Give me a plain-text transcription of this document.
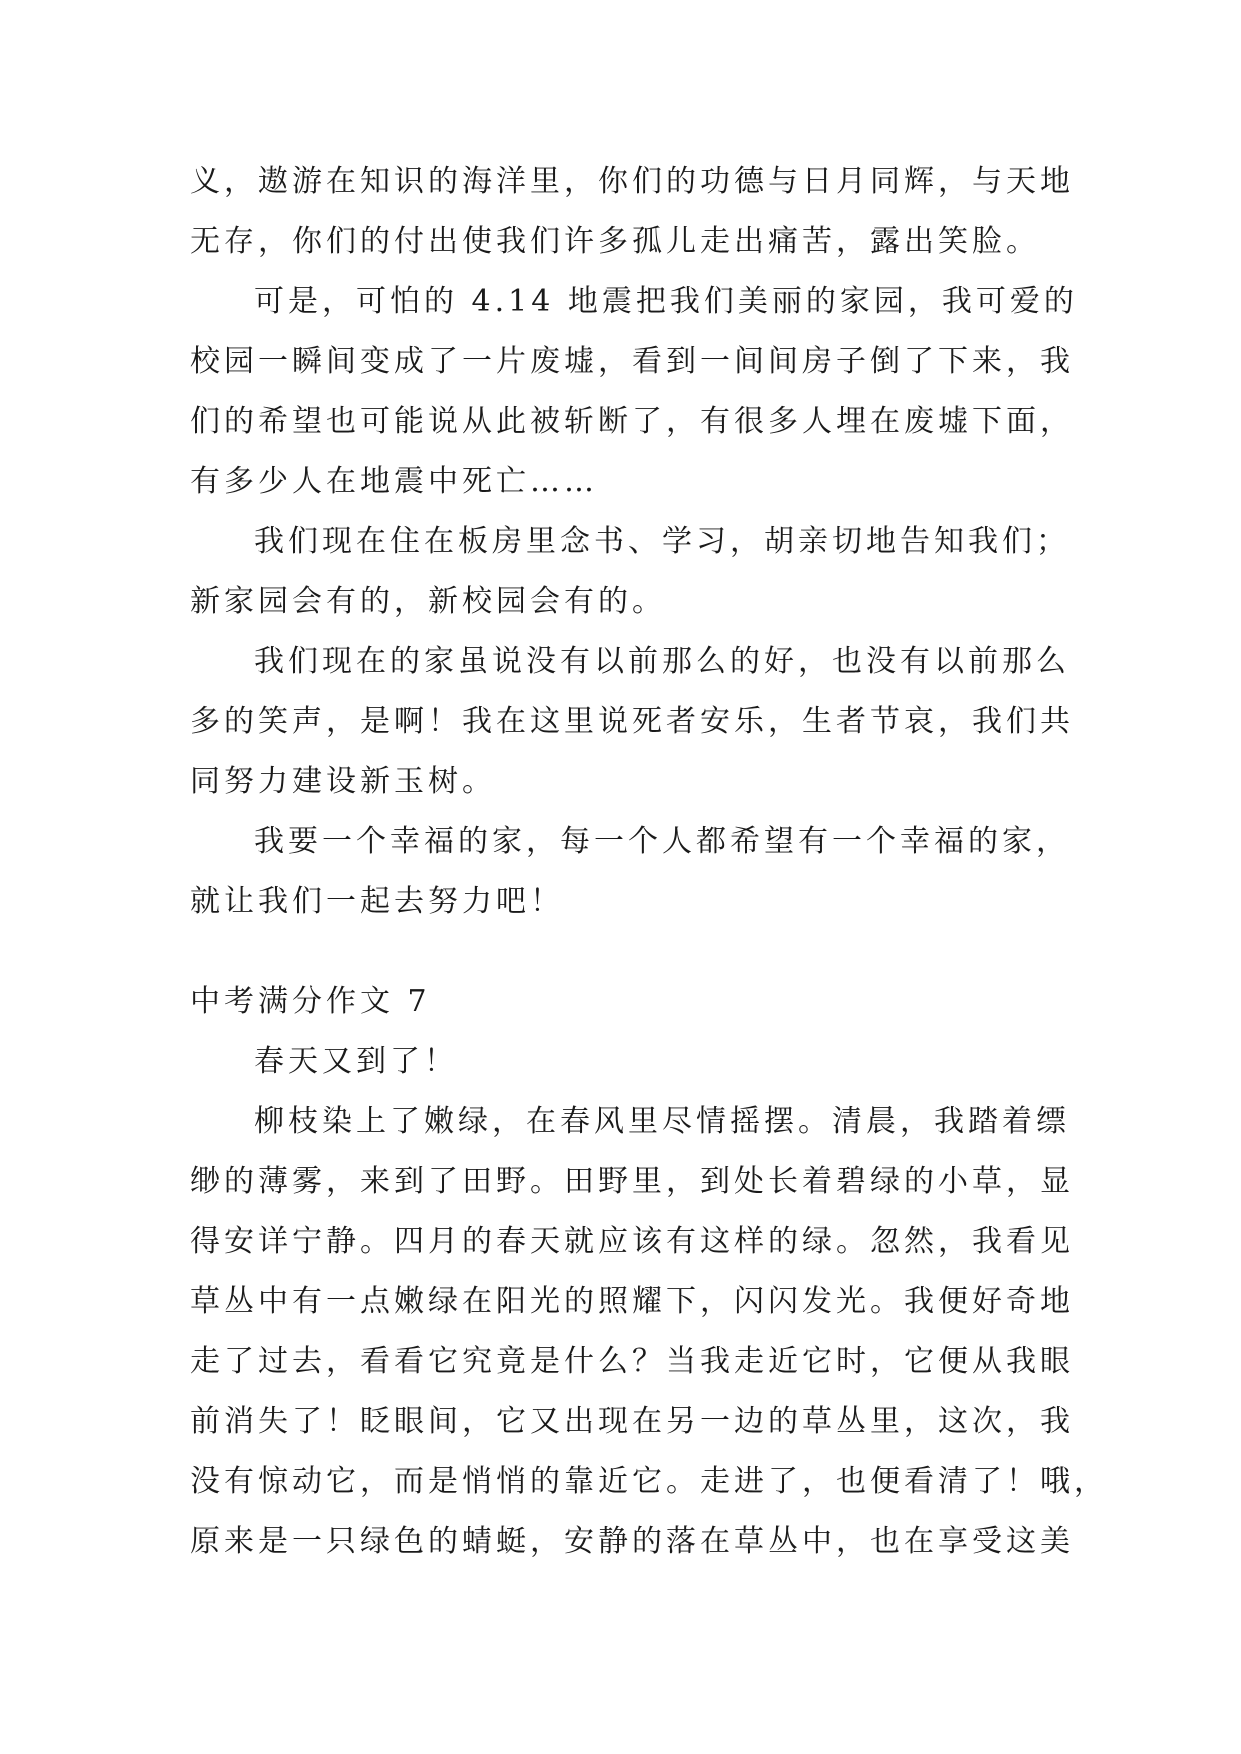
义，遨游在知识的海洋里，你们的功德与日月同辉，与天地
无存，你们的付出使我们许多孤儿走出痛苦，露出笑脸。
可是，可怕的 4.14 地震把我们美丽的家园，我可爱的
校园一瞬间变成了一片废墟，看到一间间房子倒了下来，我
们的希望也可能说从此被斩断了，有很多人埋在废墟下面，
有多少人在地震中死亡……
我们现在住在板房里念书、学习，胡亲切地告知我们；
新家园会有的，新校园会有的。
我们现在的家虽说没有以前那么的好，也没有以前那么
多的笑声，是啊！我在这里说死者安乐，生者节哀，我们共
同努力建设新玉树。
我要一个幸福的家，每一个人都希望有一个幸福的家，
就让我们一起去努力吧！
中考满分作文 7
春天又到了！
柳枝染上了嫩绿，在春风里尽情摇摆。清晨，我踏着缥
缈的薄雾，来到了田野。田野里，到处长着碧绿的小草，显
得安详宁静。四月的春天就应该有这样的绿。忽然，我看见
草丛中有一点嫩绿在阳光的照耀下，闪闪发光。我便好奇地
走了过去，看看它究竟是什么？当我走近它时，它便从我眼
前消失了！眨眼间，它又出现在另一边的草丛里，这次，我
没有惊动它，而是悄悄的靠近它。走进了，也便看清了！哦，
原来是一只绿色的蜻蜓，安静的落在草丛中，也在享受这美
